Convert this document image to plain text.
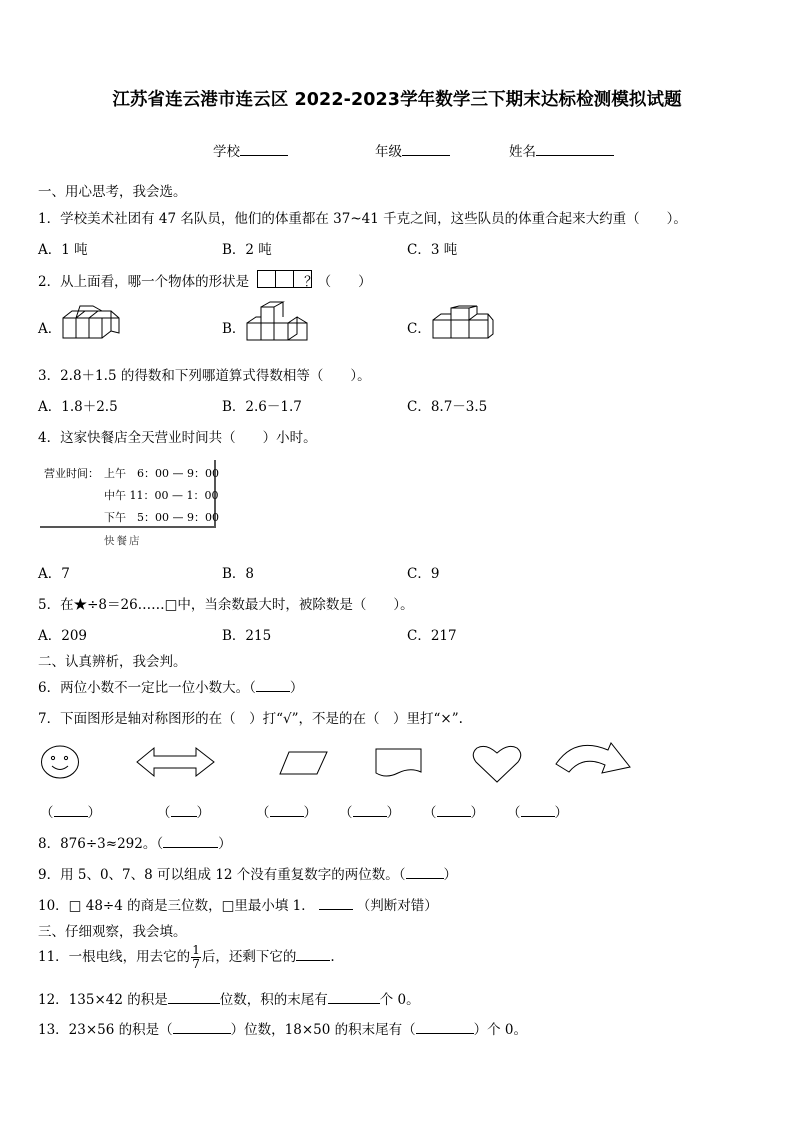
江苏省连云港市连云区 2022-2023学年数学三下期末达标检测模拟试题
学校	年级	姓名
一、用心思考，我会选。
1．学校美术社团有 47 名队员，他们的体重都在 37~41 千克之间，这些队员的体重合起来大约重（　　）。
A．1 吨	B．2 吨	C．3 吨
2．从上面看，哪一个物体的形状是	？（　　）
A．	B．	C．
3．2.8＋1.5 的得数和下列哪道算式得数相等（　　）。
A．1.8＋2.5	B．2.6－1.7	C．8.7－3.5
4．这家快餐店全天营业时间共（　　）小时。
营业时间： 上午　6：00 — 9：00
中午 11：00 — 1：00
下午　5：00 — 9：00
快餐店
A．7	B．8	C．9
5．在★÷8＝26……□中，当余数最大时，被除数是（　　）。
A．209	B．215	C．217
二、认真辨析，我会判。
6．两位小数不一定比一位小数大。（	）
7．下面图形是轴对称图形的在（　）打“√”，不是的在（　）里打“×”.
（	）	（ ）	（	） （	） （	） （	）
8．876÷3≈292。（	）
9．用 5、0、7、8 可以组成 12 个没有重复数字的两位数。（	）
10．□ 48÷4 的商是三位数，□里最小填 1．	（判断对错）
三、仔细观察，我会填。
11．一根电线，用去它的 $\frac{1}{7}$ 后，还剩下它的	.
12．135×42 的积是	位数，积的末尾有	个 0。
13．23×56 的积是（	）位数，18×50 的积末尾有（	）个 0。
